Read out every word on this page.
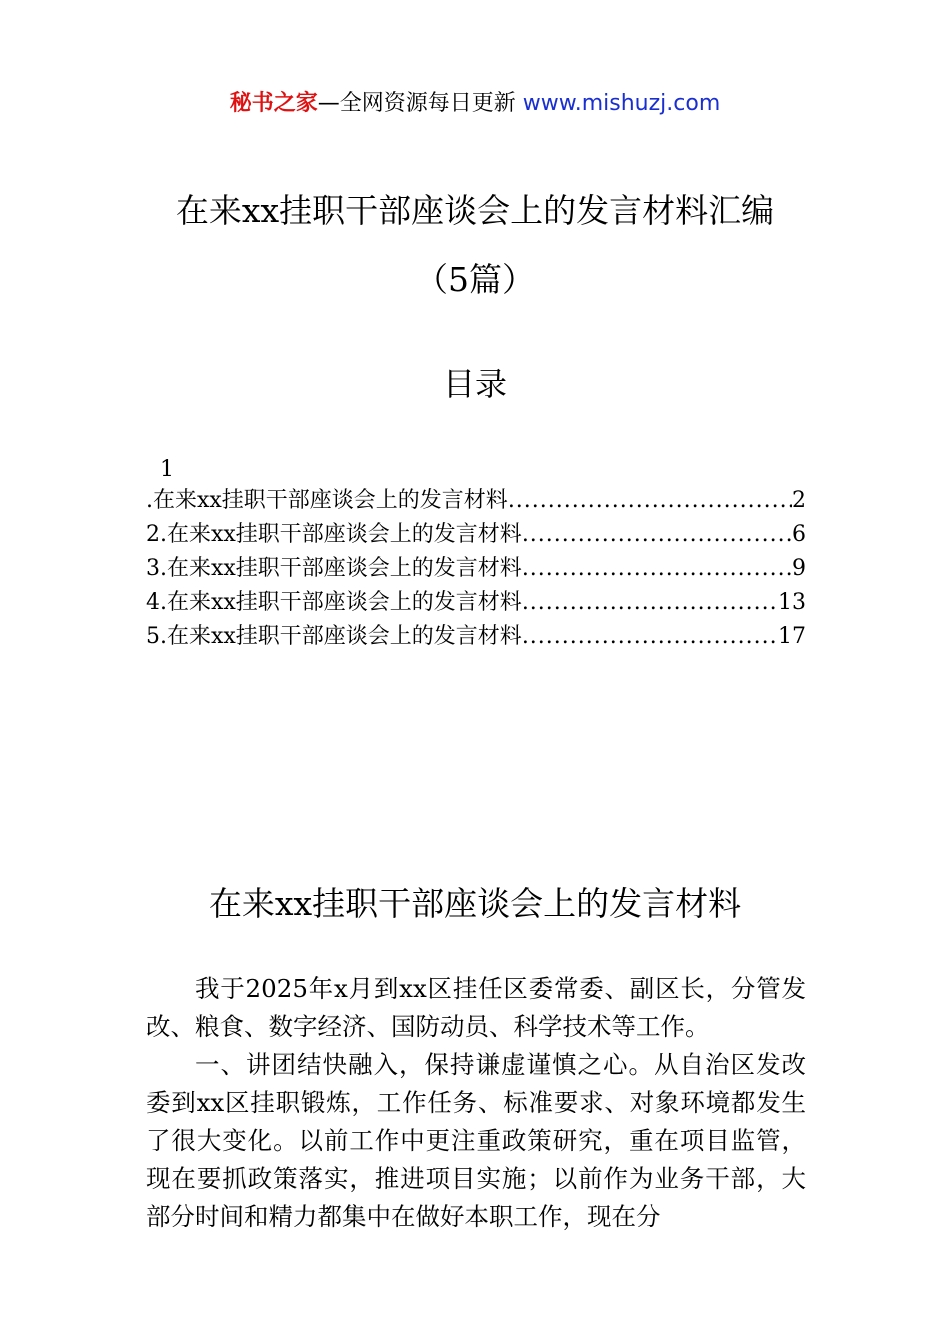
秘书之家—全网资源每日更新 www.mishuzj.com
在来xx挂职干部座谈会上的发言材料汇编
（5篇）
目录
1
.在来xx挂职干部座谈会上的发言材料 .....	2
2.在来xx挂职干部座谈会上的发言材料 .....	6
3.在来xx挂职干部座谈会上的发言材料 .....	9
4.在来xx挂职干部座谈会上的发言材料 .....	13
5.在来xx挂职干部座谈会上的发言材料 .....	17
在来xx挂职干部座谈会上的发言材料

我于2025年x月到xx区挂任区委常委、副区长，分管发改、粮食、数字经济、国防动员、科学技术等工作。

一、讲团结快融入，保持谦虚谨慎之心。从自治区发改委到xx区挂职锻炼，工作任务、标准要求、对象环境都发生了很大变化。以前工作中更注重政策研究，重在项目监管，现在要抓政策落实，推进项目实施；以前作为业务干部，大部分时间和精力都集中在做好本职工作，现在分
